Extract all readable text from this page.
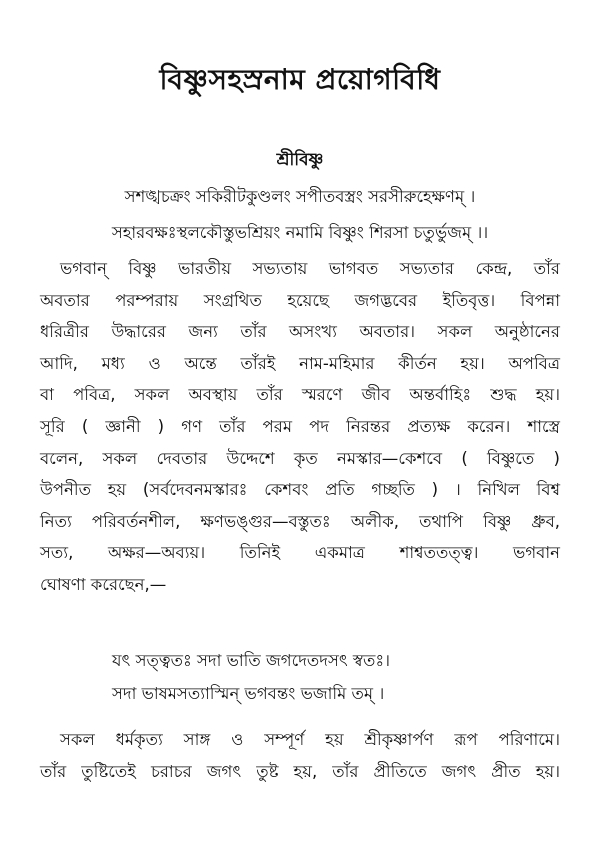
বিষ্ণুসহস্রনাম প্রয়োগবিধি
শ্রীবিষ্ণু
সশঙ্খচক্রং সকিরীটকুণ্ডলং সপীতবস্ত্রং সরসীরুহেক্ষণম্ ।
সহারবক্ষঃস্থলকৌস্তুভশ্রিয়ং নমামি বিষ্ণুং শিরসা চতুর্ভুজম্ ।।
ভগবান্ বিষ্ণু ভারতীয় সভ্যতায় ভাগবত সভ্যতার কেন্দ্র, তাঁর
অবতার পরম্পরায় সংগ্রথিত হয়েছে জগদ্ভবের ইতিবৃত্ত। বিপন্না
ধরিত্রীর উদ্ধারের জন্য তাঁর অসংখ্য অবতার। সকল অনুষ্ঠানের
আদি, মধ্য ও অন্তে তাঁরই নাম-মহিমার কীর্তন হয়। অপবিত্র
বা পবিত্র, সকল অবস্থায় তাঁর স্মরণে জীব অন্তর্বাহিঃ শুদ্ধ হয়।
সূরি ( জ্ঞানী ) গণ তাঁর পরম পদ নিরন্তর প্রত্যক্ষ করেন। শাস্ত্রে
বলেন, সকল দেবতার উদ্দেশে কৃত নমস্কার—কেশবে ( বিষ্ণুতে )
উপনীত হয় (সর্বদেবনমস্কারঃ কেশবং প্রতি গচ্ছতি ) । নিখিল বিশ্ব
নিত্য পরিবর্তনশীল, ক্ষণভঙ্গুর—বস্তুতঃ অলীক, তথাপি বিষ্ণু ধ্রুব,
সত্য, অক্ষর—অব্যয়। তিনিই একমাত্র শাশ্বততত্ত্ব। ভগবান
ঘোষণা করেছেন,—
যৎ সত্ত্বতঃ সদা ভাতি জগদেতদসৎ স্বতঃ।
সদা ভাষমসত্যাস্মিন্ ভগবন্তং ভজামি তম্ ।
সকল ধর্মকৃত্য সাঙ্গ ও সম্পূর্ণ হয় শ্রীকৃষ্ণার্পণ রূপ পরিণামে।
তাঁর তুষ্টিতেই চরাচর জগৎ তুষ্ট হয়, তাঁর প্রীতিতে জগৎ প্রীত হয়।
